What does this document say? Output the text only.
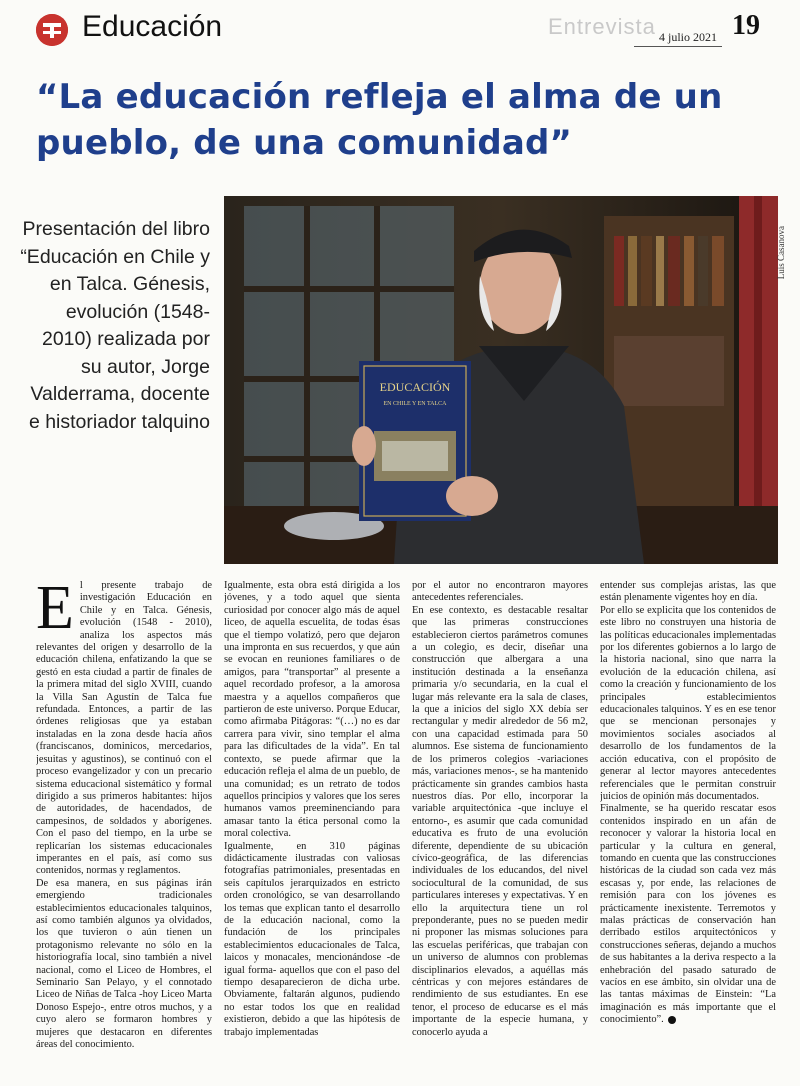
Educación	Entrevista 4 julio 2021 19
“La educación refleja el alma de un pueblo, de una comunidad”
Presentación del libro “Educación en Chile y en Talca. Génesis, evolución (1548-2010) realizada por su autor, Jorge Valderrama, docente e historiador talquino
EDUCACIÓN
EN CHILE Y EN TALCA
Luis Casanova
E l presente trabajo de investigación Educación en Chile y en Talca. Génesis, evolución (1548 - 2010), analiza los aspectos más relevantes del origen y desarrollo de la educación chilena, enfatizando la que se gestó en esta ciudad a partir de finales de la primera mitad del siglo XVIII, cuando la Villa San Agustín de Talca fue refundada. Entonces, a partir de las órdenes religiosas que ya estaban instaladas en la zona desde hacía años (franciscanos, dominicos, mercedarios, jesuitas y agustinos), se continuó con el proceso evangelizador y con un precario sistema educacional sistemático y formal dirigido a sus primeros habitantes: hijos de autoridades, de hacendados, de campesinos, de soldados y aborígenes. Con el paso del tiempo, en la urbe se replicarían los sistemas educacionales imperantes en el país, así como sus contenidos, normas y reglamentos.

De esa manera, en sus páginas irán emergiendo tradicionales establecimientos educacionales talquinos, así como también algunos ya olvidados, los que tuvieron o aún tienen un protagonismo relevante no sólo en la historiografía local, sino también a nivel nacional, como el Liceo de Hombres, el Seminario San Pelayo, y el connotado Liceo de Niñas de Talca -hoy Liceo Marta Donoso Espejo-, entre otros muchos, y a cuyo alero se formaron hombres y mujeres que destacaron en diferentes áreas del conocimiento.

Igualmente, esta obra está dirigida a los jóvenes, y a todo aquel que sienta curiosidad por conocer algo más de aquel liceo, de aquella escuelita, de todas ésas que el tiempo volatizó, pero que dejaron una impronta en sus recuerdos, y que aún se evocan en reuniones familiares o de amigos, para “transportar” al presente a aquel recordado profesor, a la amorosa maestra y a aquellos compañeros que partieron de este universo. Porque Educar, como afirmaba Pitágoras: “(…) no es dar carrera para vivir, sino templar el alma para las dificultades de la vida”. En tal contexto, se puede afirmar que la educación refleja el alma de un pueblo, de una comunidad; es un retrato de todos aquellos principios y valores que los seres humanos vamos preeminenciando para amasar tanto la ética personal como la moral colectiva.

Igualmente, en 310 páginas didácticamente ilustradas con valiosas fotografías patrimoniales, presentadas en seis capítulos jerarquizados en estricto orden cronológico, se van desarrollando los temas que explican tanto el desarrollo de la educación nacional, como la fundación de los principales establecimientos educacionales de Talca, laicos y monacales, mencionándose -de igual forma- aquellos que con el paso del tiempo desaparecieron de dicha urbe. Obviamente, faltarán algunos, pudiendo no estar todos los que en realidad existieron, debido a que las hipótesis de trabajo implementadas

por el autor no encontraron mayores antecedentes referenciales.

En ese contexto, es destacable resaltar que las primeras construcciones establecieron ciertos parámetros comunes a un colegio, es decir, diseñar una construcción que albergara a una institución destinada a la enseñanza primaria y/o secundaria, en la cual el lugar más relevante era la sala de clases, la que a inicios del siglo XX debía ser rectangular y medir alrededor de 56 m2, con una capacidad estimada para 50 alumnos. Ese sistema de funcionamiento de los primeros colegios -variaciones más, variaciones menos-, se ha mantenido prácticamente sin grandes cambios hasta nuestros días. Por ello, incorporar la variable arquitectónica -que incluye el entorno-, es asumir que cada comunidad educativa es fruto de una evolución diferente, dependiente de su ubicación cívico-geográfica, de las diferencias individuales de los educandos, del nivel sociocultural de la comunidad, de sus particulares intereses y expectativas. Y en ello la arquitectura tiene un rol preponderante, pues no se pueden medir ni proponer las mismas soluciones para las escuelas periféricas, que trabajan con un universo de alumnos con problemas disciplinarios elevados, a aquéllas más céntricas y con mejores estándares de rendimiento de sus estudiantes. En ese tenor, el proceso de educarse es el más importante de la especie humana, y conocerlo ayuda a

entender sus complejas aristas, las que están plenamente vigentes hoy en día.

Por ello se explicita que los contenidos de este libro no construyen una historia de las políticas educacionales implementadas por los diferentes gobiernos a lo largo de la historia nacional, sino que narra la evolución de la educación chilena, así como la creación y funcionamiento de los principales establecimientos educacionales talquinos. Y es en ese tenor que se mencionan personajes y movimientos sociales asociados al desarrollo de los fundamentos de la acción educativa, con el propósito de generar al lector mayores antecedentes referenciales que le permitan construir juicios de opinión más documentados.

Finalmente, se ha querido rescatar esos contenidos inspirado en un afán de reconocer y valorar la historia local en particular y la cultura en general, tomando en cuenta que las construcciones históricas de la ciudad son cada vez más escasas y, por ende, las relaciones de remisión para con los jóvenes es prácticamente inexistente. Terremotos y malas prácticas de conservación han derribado estilos arquitectónicos y construcciones señeras, dejando a muchos de sus habitantes a la deriva respecto a la enhebración del pasado saturado de vacíos en ese ámbito, sin olvidar una de las tantas máximas de Einstein: “La imaginación es más importante que el conocimiento”.
